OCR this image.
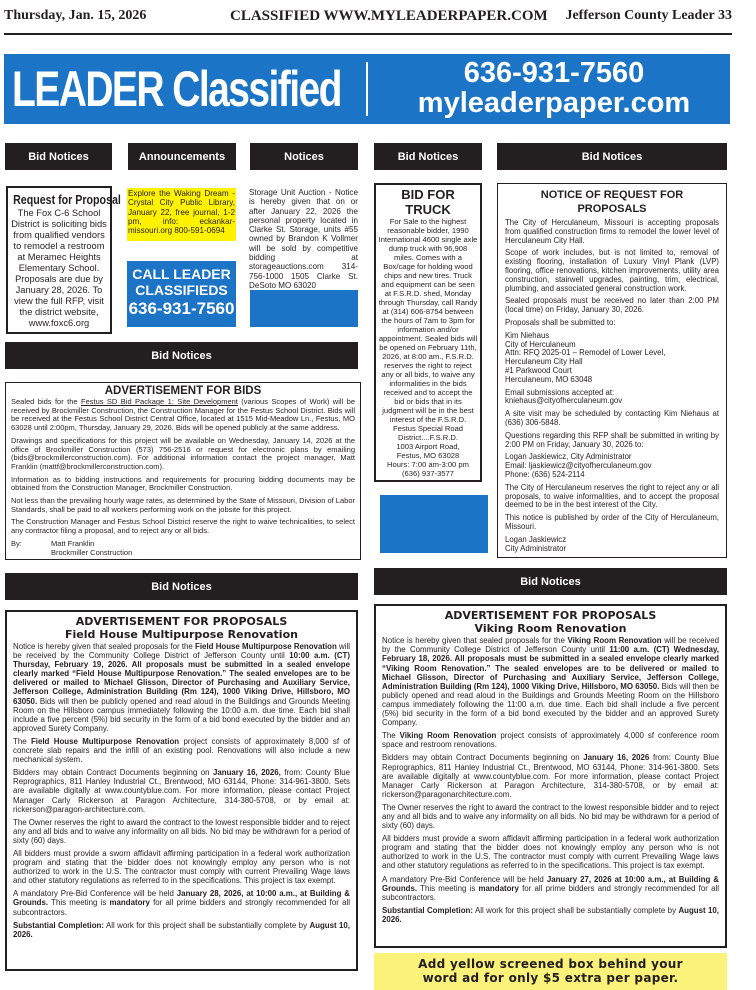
Thursday, Jan. 15, 2026	CLASSIFIED WWW.MYLEADERPAPER.COM Jefferson County Leader 33
LEADER Classified	636-931-7560
myleaderpaper.com
Bid Notices	Announcements	Notices	Bid Notices	Bid Notices
Request for Proposal
The Fox C-6 School District is soliciting bids from qualified vendors to remodel a restroom at Meramec Heights Elementary School. Proposals are due by January 28, 2026. To view the full RFP, visit the district website, www.foxc6.org
Explore the Waking Dream - Crystal City Public Library, January 22, free journal, 1-2 pm, info: eckankar-missouri.org 800-591-0694
CALL LEADER
CLASSIFIEDS
636-931-7560
Storage Unit Auction - Notice is hereby given that on or after January 22, 2026 the personal property located in Clarke St. Storage, units #55 owned by Brandon K Vollmer will be sold by competitive bidding at storageauctions.com 314-756-1000 1505 Clarke St. DeSoto MO 63020
BID FOR TRUCK
For Sale to the highest reasonable bidder, 1990 International 4600 single axle dump truck with 96,908 miles. Comes with a Box/cage for holding wood chips and new tires. Truck and equipment can be seen at F.S.R.D. shed, Monday through Thursday, call Randy at (314) 606-8754 between the hours of 7am to 3pm for information and/or appointment. Sealed bids will be opened on February 11th, 2026, at 8:00 am., F.S.R.D. reserves the right to reject any or all bids, to waive any informalities in the bids received and to accept the bid or bids that in its judgment will be in the best interest of the F.S.R.D. Festus Special Road District....F.S.R.D.
1003 Airport Road,
Festus, MO 63028
Hours: 7:00 am-3:00 pm
(636) 937-3577
NOTICE OF REQUEST FOR PROPOSALS

The City of Herculaneum, Missouri is accepting proposals from qualified construction firms to remodel the lower level of Herculaneum City Hall.

Scope of work includes, but is not limited to, removal of existing flooring, installation of Luxury Vinyl Plank (LVP) flooring, office renovations, kitchen improvements, utility area construction, stairwell upgrades, painting, trim, electrical, plumbing, and associated general construction work.

Sealed proposals must be received no later than 2:00 PM (local time) on Friday, January 30, 2026.

Proposals shall be submitted to:

Kim Niehaus
City of Herculaneum
Attn: RFQ 2025-01 – Remodel of Lower Level,
Herculaneum City Hall
#1 Parkwood Court
Herculaneum, MO 63048

Email submissions accepted at:
kniehaus@cityofherculaneum.gov

A site visit may be scheduled by contacting Kim Niehaus at (636) 306-5848.

Questions regarding this RFP shall be submitted in writing by 2:00 PM on Friday, January 30, 2026 to:

Logan Jaskiewicz, City Administrator
Email: ljaskiewicz@cityofherculaneum.gov
Phone: (636) 524-2114

The City of Herculaneum reserves the right to reject any or all proposals, to waive informalities, and to accept the proposal deemed to be in the best interest of the City.

This notice is published by order of the City of Herculaneum, Missouri.

Logan Jaskiewicz
City Administrator

Bid Notices
ADVERTISEMENT FOR PROPOSALS
Viking Room Renovation

Notice is hereby given that sealed proposals for the Viking Room Renovation will be received by the Community College District of Jefferson County until 11:00 a.m. (CT) Wednesday, February 18, 2026. All proposals must be submitted in a sealed envelope clearly marked “Viking Room Renovation.” The sealed envelopes are to be delivered or mailed to Michael Glisson, Director of Purchasing and Auxiliary Service, Jefferson College, Administration Building (Rm 124), 1000 Viking Drive, Hillsboro, MO 63050. Bids will then be publicly opened and read aloud in the Buildings and Grounds Meeting Room on the Hillsboro campus immediately following the 11:00 a.m. due time. Each bid shall include a five percent (5%) bid security in the form of a bid bond executed by the bidder and an approved Surety Company.

The Viking Room Renovation project consists of approximately 4,000 sf conference room space and restroom renovations.

Bidders may obtain Contract Documents beginning on January 16, 2026 from: County Blue Reprographics, 811 Hanley Industrial Ct., Brentwood, MO 63144, Phone: 314-961-3800. Sets are available digitally at www.countyblue.com. For more information, please contact Project Manager Carly Rickerson at Paragon Architecture, 314-380-5708, or by email at: rickerson@paragonarchitecture.com.

The Owner reserves the right to award the contract to the lowest responsible bidder and to reject any and all bids and to waive any informality on all bids. No bid may be withdrawn for a period of sixty (60) days.

All bidders must provide a sworn affidavit affirming participation in a federal work authorization program and stating that the bidder does not knowingly employ any person who is not authorized to work in the U.S. The contractor must comply with current Prevailing Wage laws and other statutory regulations as referred to in the specifications. This project is tax exempt.

A mandatory Pre-Bid Conference will be held January 27, 2026 at 10:00 a.m., at Building & Grounds. This meeting is mandatory for all prime bidders and strongly recommended for all subcontractors.

Substantial Completion: All work for this project shall be substantially complete by August 10, 2026.

Add yellow screened box behind your word ad for only $5 extra per paper.
Bid Notices
ADVERTISEMENT FOR BIDS

Sealed bids for the Festus SD Bid Package 1: Site Development (various Scopes of Work) will be received by Brockmiller Construction, the Construction Manager for the Festus School District. Bids will be received at the Festus School District Central Office, located at 1515 Mid-Meadow Ln., Festus, MO 63028 until 2:00pm, Thursday, January 29, 2026. Bids will be opened publicly at the same address.

Drawings and specifications for this project will be available on Wednesday, January 14, 2026 at the office of Brockmiller Construction (573) 756-2516 or request for electronic plans by emailing (bids@brockmillerconstruction.com). For additional information contact the project manager, Matt Franklin (mattf@brockmillerconstruction.com).

Information as to bidding instructions and requirements for procuring bidding documents may be obtained from the Construction Manager, Brockmiller Construction.

Not less than the prevailing hourly wage rates, as determined by the State of Missouri, Division of Labor Standards, shall be paid to all workers performing work on the jobsite for this project.

The Construction Manager and Festus School District reserve the right to waive technicalities, to select any contractor filing a proposal, and to reject any or all bids.

By:	Matt Franklin
Brockmiller Construction
Bid Notices
ADVERTISEMENT FOR PROPOSALS
Field House Multipurpose Renovation

Notice is hereby given that sealed proposals for the Field House Multipurpose Renovation will be received by the Community College District of Jefferson County until 10:00 a.m. (CT) Thursday, February 19, 2026. All proposals must be submitted in a sealed envelope clearly marked “Field House Multipurpose Renovation.” The sealed envelopes are to be delivered or mailed to Michael Glisson, Director of Purchasing and Auxiliary Service, Jefferson College, Administration Building (Rm 124), 1000 Viking Drive, Hillsboro, MO 63050. Bids will then be publicly opened and read aloud in the Buildings and Grounds Meeting Room on the Hillsboro campus immediately following the 10:00 a.m. due time. Each bid shall include a five percent (5%) bid security in the form of a bid bond executed by the bidder and an approved Surety Company.

The Field House Multipurpose Renovation project consists of approximately 8,000 sf of concrete slab repairs and the infill of an existing pool. Renovations will also include a new mechanical system.

Bidders may obtain Contract Documents beginning on January 16, 2026, from: County Blue Reprographics, 811 Hanley Industrial Ct., Brentwood, MO 63144, Phone: 314-961-3800. Sets are available digitally at www.countyblue.com. For more information, please contact Project Manager Carly Rickerson at Paragon Architecture, 314-380-5708, or by email at: rickerson@paragon-architecture.com.

The Owner reserves the right to award the contract to the lowest responsible bidder and to reject any and all bids and to waive any informality on all bids. No bid may be withdrawn for a period of sixty (60) days.

All bidders must provide a sworn affidavit affirming participation in a federal work authorization program and stating that the bidder does not knowingly employ any person who is not authorized to work in the U.S. The contractor must comply with current Prevailing Wage laws and other statutory regulations as referred to in the specifications. This project is tax exempt.

A mandatory Pre-Bid Conference will be held January 28, 2026, at 10:00 a.m., at Building & Grounds. This meeting is mandatory for all prime bidders and strongly recommended for all subcontractors.

Substantial Completion: All work for this project shall be substantially complete by August 10, 2026.
